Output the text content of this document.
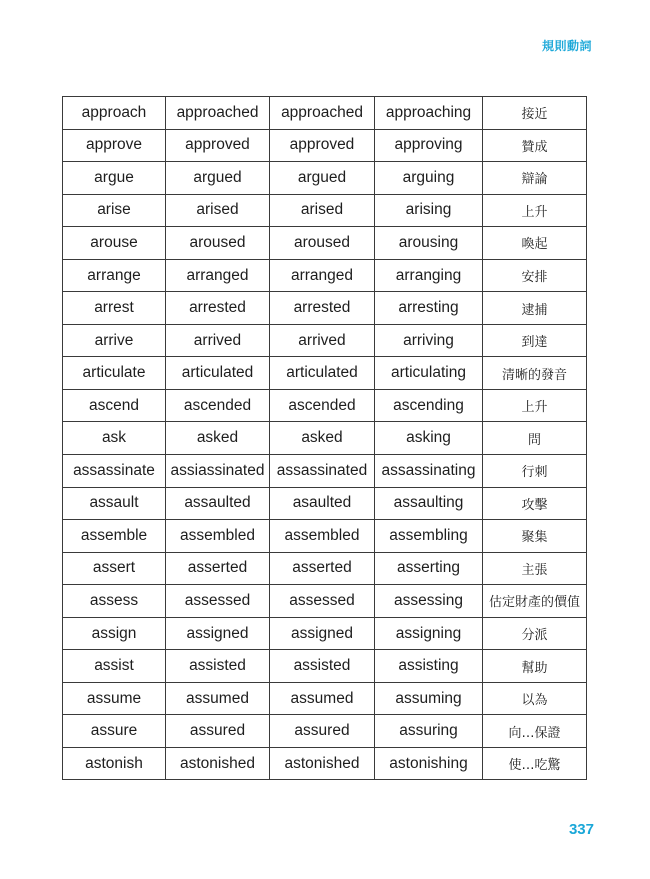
規則動詞
approach	approached	approached	approaching	接近
approve	approved	approved	approving	贊成
argue	argued	argued	arguing	辯論
arise	arised	arised	arising	上升
arouse	aroused	aroused	arousing	喚起
arrange	arranged	arranged	arranging	安排
arrest	arrested	arrested	arresting	逮捕
arrive	arrived	arrived	arriving	到達
articulate	articulated	articulated	articulating	清晰的發音
ascend	ascended	ascended	ascending	上升
ask	asked	asked	asking	問
assassinate	assiassinated	assassinated	assassinating	行刺
assault	assaulted	asaulted	assaulting	攻擊
assemble	assembled	assembled	assembling	聚集
assert	asserted	asserted	asserting	主張
assess	assessed	assessed	assessing	估定財產的價值
assign	assigned	assigned	assigning	分派
assist	assisted	assisted	assisting	幫助
assume	assumed	assumed	assuming	以為
assure	assured	assured	assuring	向…保證
astonish	astonished	astonished	astonishing	使…吃驚
337
